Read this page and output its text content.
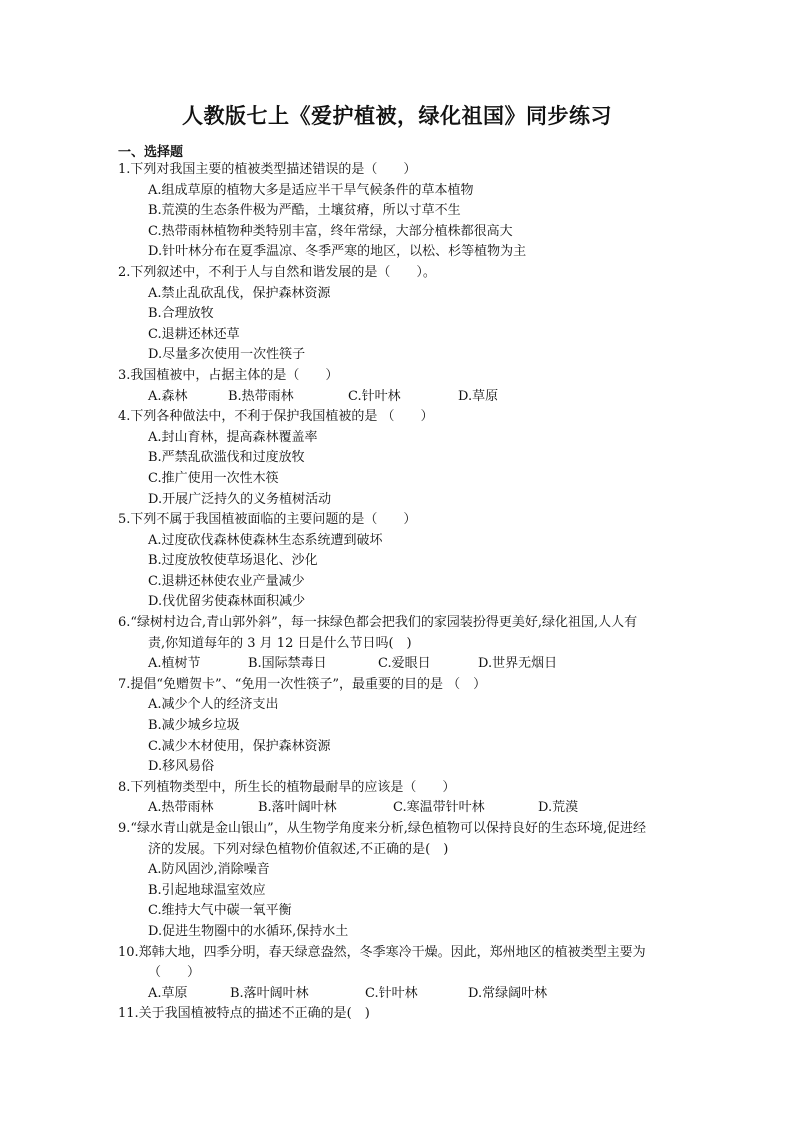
人教版七上《爱护植被，绿化祖国》同步练习
一、选择题
1.下列对我国主要的植被类型描述错误的是（　　）
A.组成草原的植物大多是适应半干旱气候条件的草本植物
B.荒漠的生态条件极为严酷，土壤贫瘠，所以寸草不生
C.热带雨林植物种类特别丰富，终年常绿，大部分植株都很高大
D.针叶林分布在夏季温凉、冬季严寒的地区，以松、杉等植物为主
2.下列叙述中，不利于人与自然和谐发展的是（　　）。
A.禁止乱砍乱伐，保护森林资源
B.合理放牧
C.退耕还林还草
D.尽量多次使用一次性筷子
3.我国植被中，占据主体的是（　　）
A.森林	B.热带雨林	C.针叶林	D.草原
4.下列各种做法中，不利于保护我国植被的是 （　　）
A.封山育林，提高森林覆盖率
B.严禁乱砍滥伐和过度放牧
C.推广使用一次性木筷
D.开展广泛持久的义务植树活动
5.下列不属于我国植被面临的主要问题的是（　　）
A.过度砍伐森林使森林生态系统遭到破坏
B.过度放牧使草场退化、沙化
C.退耕还林使农业产量减少
D.伐优留劣使森林面积减少
6.“绿树村边合,青山郭外斜”，每一抹绿色都会把我们的家园装扮得更美好,绿化祖国,人人有
责,你知道每年的 3 月 12 日是什么节日吗(　)
A.植树节	B.国际禁毒日	C.爱眼日	D.世界无烟日
7.提倡“免赠贺卡”、“免用一次性筷子”，最重要的目的是 （　）
A.减少个人的经济支出
B.减少城乡垃圾
C.减少木材使用，保护森林资源
D.移风易俗
8.下列植物类型中，所生长的植物最耐旱的应该是（　　）
A.热带雨林	B.落叶阔叶林	C.寒温带针叶林	D.荒漠
9.“绿水青山就是金山银山”，从生物学角度来分析,绿色植物可以保持良好的生态环境,促进经
济的发展。下列对绿色植物价值叙述,不正确的是(　)
A.防风固沙,消除噪音
B.引起地球温室效应
C.维持大气中碳一氧平衡
D.促进生物圈中的水循环,保持水土
10.郑韩大地，四季分明，春天绿意盎然，冬季寒冷干燥。因此，郑州地区的植被类型主要为
（　　）
A.草原	B.落叶阔叶林	C.针叶林	D.常绿阔叶林
11.关于我国植被特点的描述不正确的是(　)
